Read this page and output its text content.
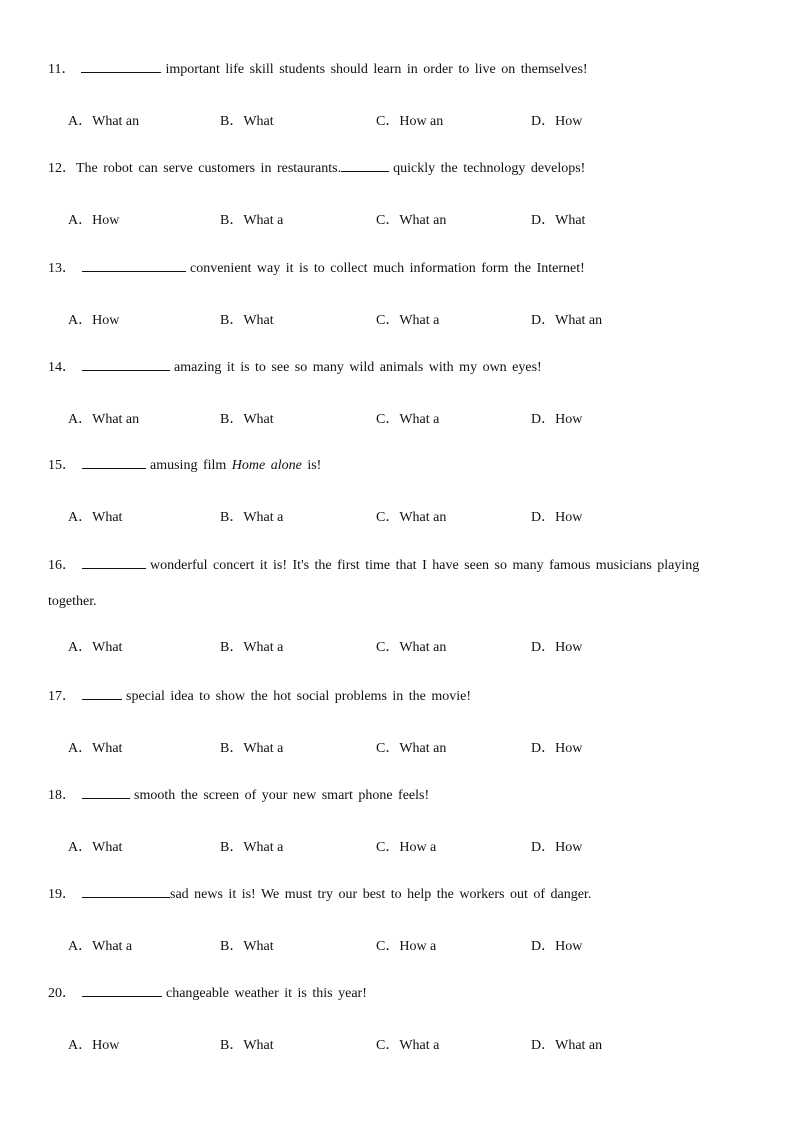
11．	important life skill students should learn in order to live on themselves!
A．What an	B．What	C．How an	D．How
12．The robot can serve customers in restaurants.	quickly the technology develops!
A．How	B．What a	C．What an	D．What
13．	convenient way it is to collect much information form the Internet!
A．How	B．What	C．What a	D．What an
14．	amazing it is to see so many wild animals with my own eyes!
A．What an	B．What	C．What a	D．How
15．	amusing film Home alone is!
A．What	B．What a	C．What an	D．How
16．	wonderful concert it is! It's the first time that I have seen so many famous musicians playing together.
A．What	B．What a	C．What an	D．How
17．	special idea to show the hot social problems in the movie!
A．What	B．What a	C．What an	D．How
18．	smooth the screen of your new smart phone feels!
A．What	B．What a	C．How a	D．How
19．	sad news it is! We must try our best to help the workers out of danger.
A．What a	B．What	C．How a	D．How
20．	changeable weather it is this year!
A．How	B．What	C．What a	D．What an
